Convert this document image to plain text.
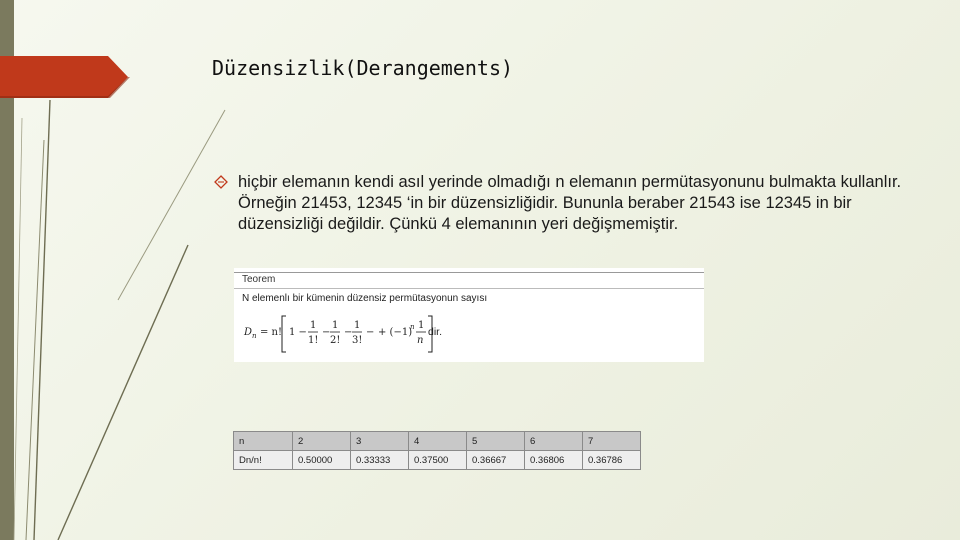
Düzensizlik(Derangements)
hiçbir elemanın kendi asıl yerinde olmadığı n elemanın permütasyonunu bulmakta kullanlır. Örneğin 21453, 12345 ‘in bir düzensizliğidir. Bununla beraber 21543 ise 12345 in bir düzensizliği değildir. Çünkü 4 elemanının yeri değişmemiştir.
Teorem
N elemenlı bir kümenin düzensiz permütasyonun sayısı
D n = n! 1 −
1
1!
−
1
2!
−
1
3!
− + (−1)
n 1
n
dir.
n	2	3	4	5	6	7
Dn/n!	0.50000	0.33333	0.37500	0.36667	0.36806	0.36786
